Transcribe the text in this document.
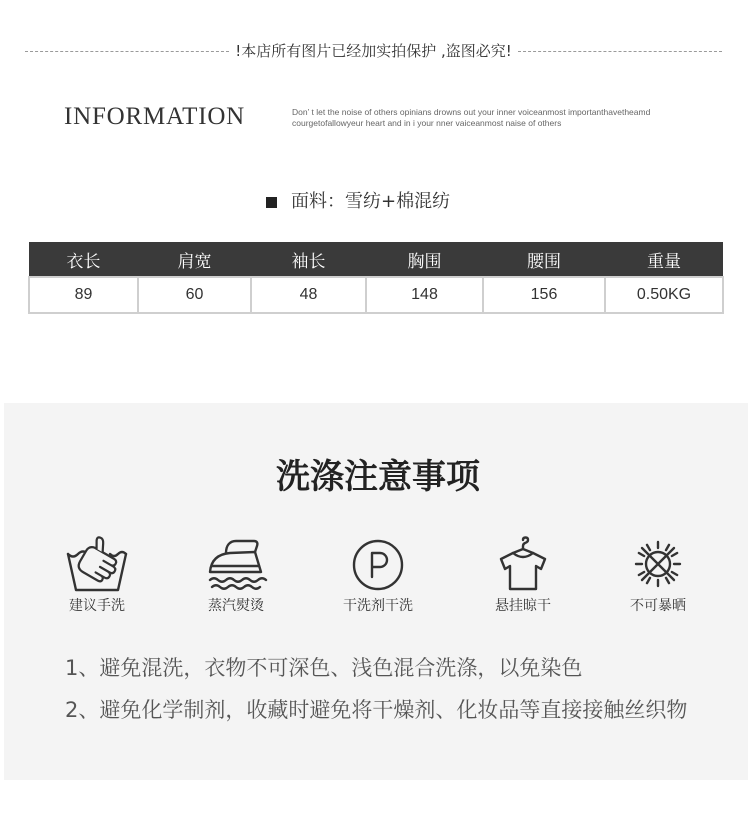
!本店所有图片已经加实拍保护 ,盗图必究!
INFORMATION	Don’ t let the noise of others opinians drowns out your inner voiceanmost importanthavetheamd
courgetofallowyeur heart and in i your nner vaiceanmost naise of others
面料： 雪纺+棉混纺
衣长	肩宽	袖长	胸围	腰围	重量
89	60	48	148	156	0.50KG
洗涤注意事项
建议手洗	蒸汽熨烫	干洗剂干洗	悬挂晾干	不可暴晒
1、避免混洗，衣物不可深色、浅色混合洗涤，以免染色
2、避免化学制剂，收藏时避免将干燥剂、化妆品等直接接触丝织物
